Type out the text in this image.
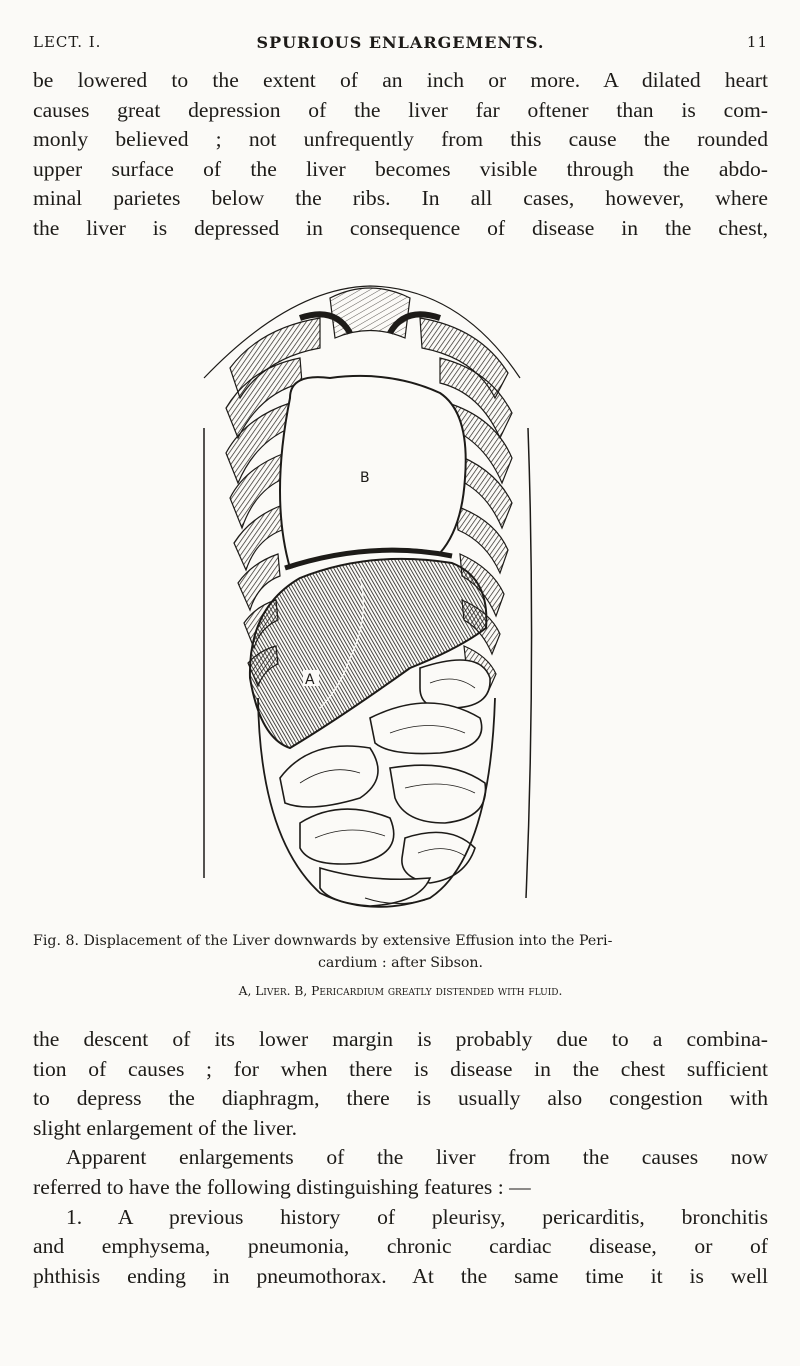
LECT. I.	SPURIOUS ENLARGEMENTS.	11

be lowered to the extent of an inch or more. A dilated heart
causes great depression of the liver far oftener than is com-
monly believed ; not unfrequently from this cause the rounded
upper surface of the liver becomes visible through the abdo-
minal parietes below the ribs. In all cases, however, where
the liver is depressed in consequence of disease in the chest,

B
A
Fig. 8. Displacement of the Liver downwards by extensive Effusion into the Peri-
cardium : after Sibson.
A, Liver. B, Pericardium greatly distended with fluid.

the descent of its lower margin is probably due to a combina-
tion of causes ; for when there is disease in the chest sufficient
to depress the diaphragm, there is usually also congestion with
slight enlargement of the liver.
Apparent enlargements of the liver from the causes now
referred to have the following distinguishing features : —
1. A previous history of pleurisy, pericarditis, bronchitis
and emphysema, pneumonia, chronic cardiac disease, or of
phthisis ending in pneumothorax. At the same time it is well
